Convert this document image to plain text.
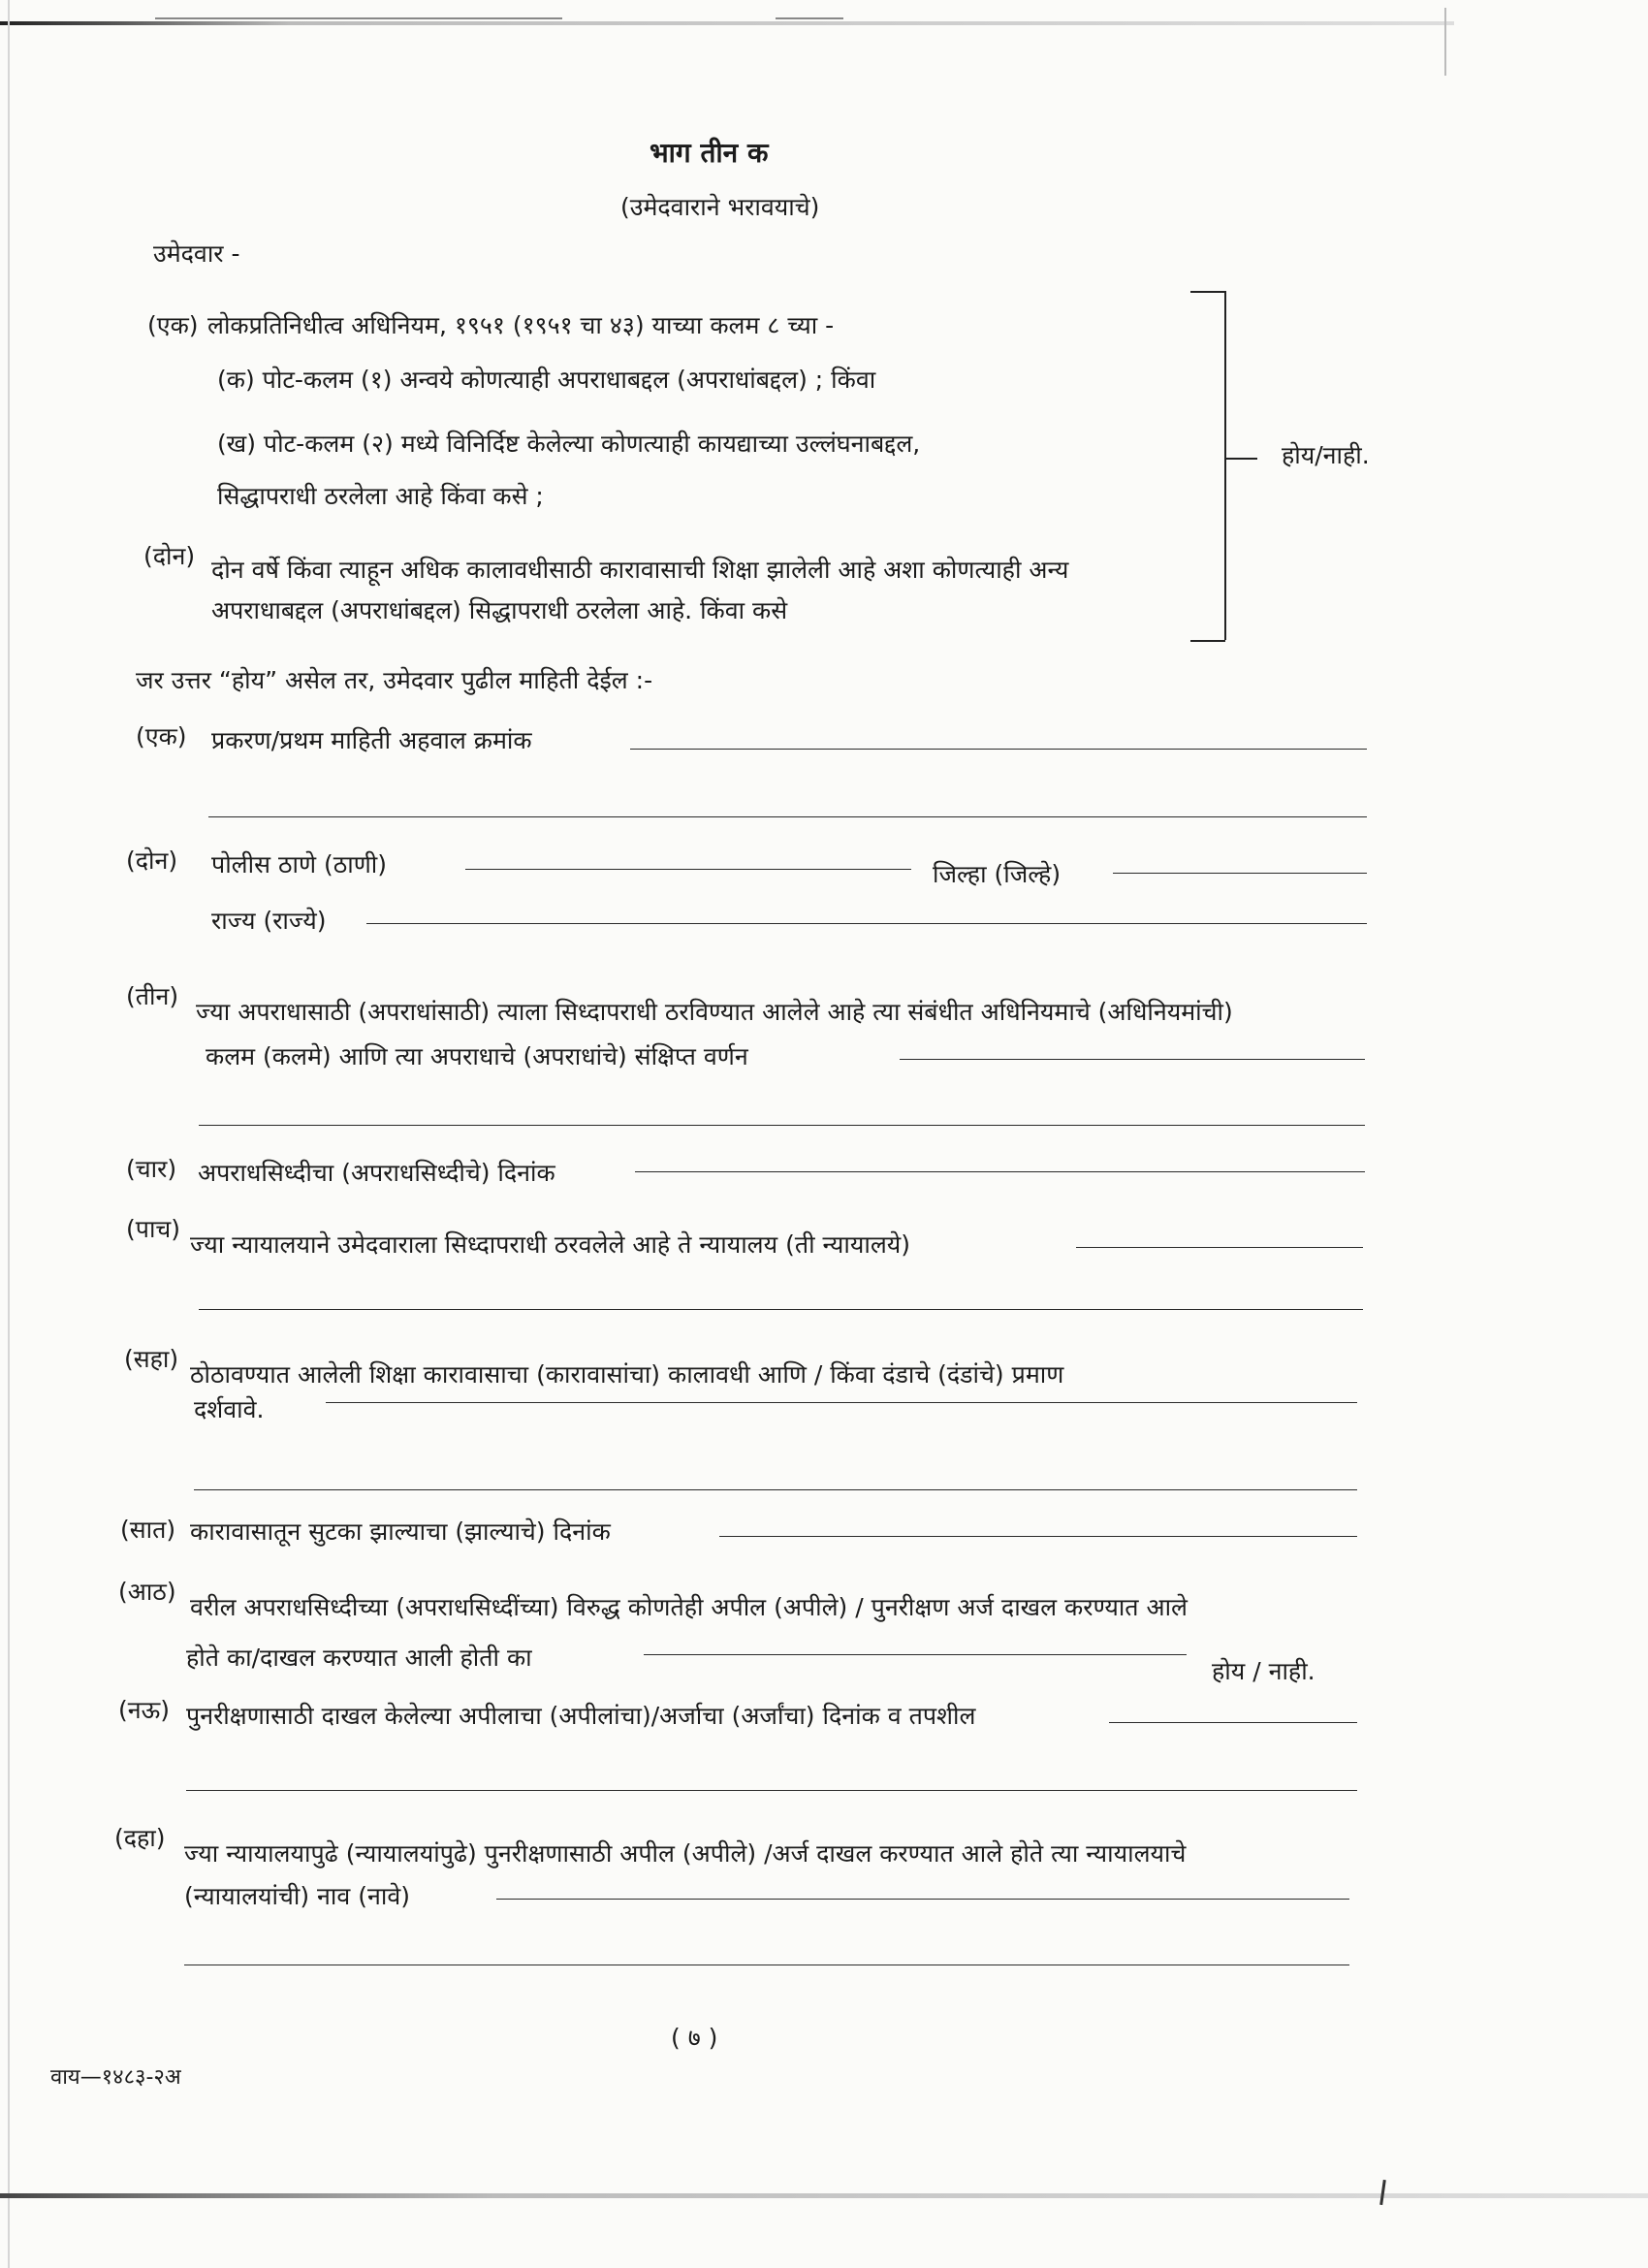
भाग तीन क
(उमेदवाराने भरावयाचे)
उमेदवार -
(एक) लोकप्रतिनिधीत्व अधिनियम, १९५१ (१९५१ चा ४३) याच्या कलम ८ च्या -
(क) पोट-कलम (१) अन्वये कोणत्याही अपराधाबद्दल (अपराधांबद्दल) ; किंवा
(ख) पोट-कलम (२) मध्ये विनिर्दिष्ट केलेल्या कोणत्याही कायद्याच्या उल्लंघनाबद्दल,
सिद्धापराधी ठरलेला आहे किंवा कसे ;
(दोन) दोन वर्षे किंवा त्याहून अधिक कालावधीसाठी कारावासाची शिक्षा झालेली आहे अशा कोणत्याही अन्य
अपराधाबद्दल (अपराधांबद्दल) सिद्धापराधी ठरलेला आहे. किंवा कसे
होय/नाही.
जर उत्तर “होय” असेल तर, उमेदवार पुढील माहिती देईल :-
(एक) प्रकरण/प्रथम माहिती अहवाल क्रमांक
(दोन) पोलीस ठाणे (ठाणी)	जिल्हा (जिल्हे)
राज्य (राज्ये)
(तीन)
ज्या अपराधासाठी (अपराधांसाठी) त्याला सिध्दापराधी ठरविण्यात आलेले आहे त्या संबंधीत अधिनियमाचे (अधिनियमांची)
कलम (कलमे) आणि त्या अपराधाचे (अपराधांचे) संक्षिप्त वर्णन
(चार) अपराधसिध्दीचा (अपराधसिध्दीचे) दिनांक
(पाच)
ज्या न्यायालयाने उमेदवाराला सिध्दापराधी ठरवलेले आहे ते न्यायालय (ती न्यायालये)
(सहा)
ठोठावण्यात आलेली शिक्षा कारावासाचा (कारावासांचा) कालावधी आणि / किंवा दंडाचे (दंडांचे) प्रमाण
दर्शवावे.
(सात) कारावासातून सुटका झाल्याचा (झाल्याचे) दिनांक
(आठ)
वरील अपराधसिध्दीच्या (अपराधसिध्दींच्या) विरुद्ध कोणतेही अपील (अपीले) / पुनरीक्षण अर्ज दाखल करण्यात आले
होते का/दाखल करण्यात आली होती का	होय / नाही.
(नऊ) पुनरीक्षणासाठी दाखल केलेल्या अपीलाचा (अपीलांचा)/अर्जाचा (अर्जांचा) दिनांक व तपशील
(दहा)
ज्या न्यायालयापुढे (न्यायालयांपुढे) पुनरीक्षणासाठी अपील (अपीले) /अर्ज दाखल करण्यात आले होते त्या न्यायालयाचे
(न्यायालयांची) नाव (नावे)
( ७ )
वाय—१४८३-२अ
